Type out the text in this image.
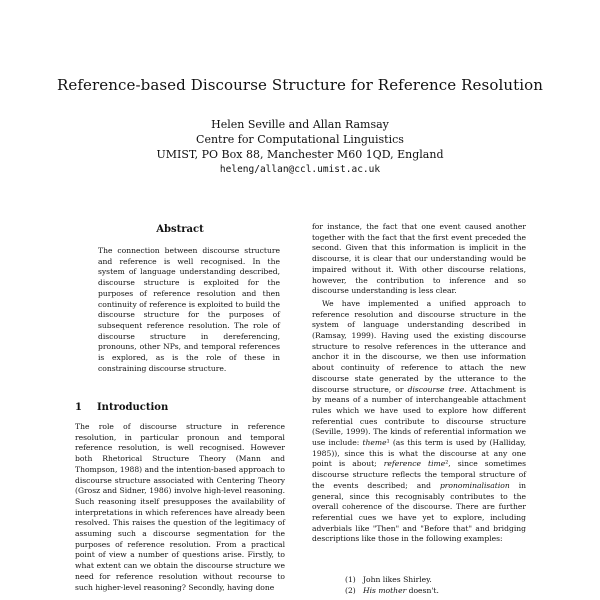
Reference-based Discourse Structure for Reference Resolution
Helen Seville and Allan Ramsay
Centre for Computational Linguistics
UMIST, PO Box 88, Manchester M60 1QD, England
heleng/allan@ccl.umist.ac.uk
Abstract
The connection between discourse structure and reference is well recognised. In the system of language understanding described, discourse structure is exploited for the purposes of reference resolution and then continuity of reference is exploited to build the discourse structure for the purposes of subsequent reference resolution. The role of discourse structure in dereferencing, pronouns, other NPs, and temporal references is explored, as is the role of these in constraining discourse structure.
1 Introduction
The role of discourse structure in reference resolution, in particular pronoun and temporal reference resolution, is well recognised. However both Rhetorical Structure Theory (Mann and Thompson, 1988) and the intention-based approach to discourse structure associated with Centering Theory (Grosz and Sidner, 1986) involve high-level reasoning. Such reasoning itself presupposes the availability of interpretations in which references have already been resolved. This raises the question of the legitimacy of assuming such a discourse segmentation for the purposes of reference resolution. From a practical point of view a number of questions arise. Firstly, to what extent can we obtain the discourse structure we need for reference resolution without recourse to such higher-level reasoning? Secondly, having done

for instance, the fact that one event caused another together with the fact that the first event preceded the second. Given that this information is implicit in the discourse, it is clear that our understanding would be impaired without it. With other discourse relations, however, the contribution to inference and so discourse understanding is less clear.

We have implemented a unified approach to reference resolution and discourse structure in the system of language understanding described in (Ramsay, 1999). Having used the existing discourse structure to resolve references in the utterance and anchor it in the discourse, we then use information about continuity of reference to attach the new discourse state generated by the utterance to the discourse structure, or discourse tree. Attachment is by means of a number of interchangeable attachment rules which we have used to explore how different referential cues contribute to discourse structure (Seville, 1999). The kinds of referential information we use include: theme¹ (as this term is used by (Halliday, 1985)), since this is what the discourse at any one point is about; reference time², since sometimes discourse structure reflects the temporal structure of the events described; and pronominalisation in general, since this recognisably contributes to the overall coherence of the discourse. There are further referential cues we have yet to explore, including adverbials like "Then" and "Before that" and bridging descriptions like those in the following examples:

(1) John likes Shirley.
(2) His mother doesn't.
